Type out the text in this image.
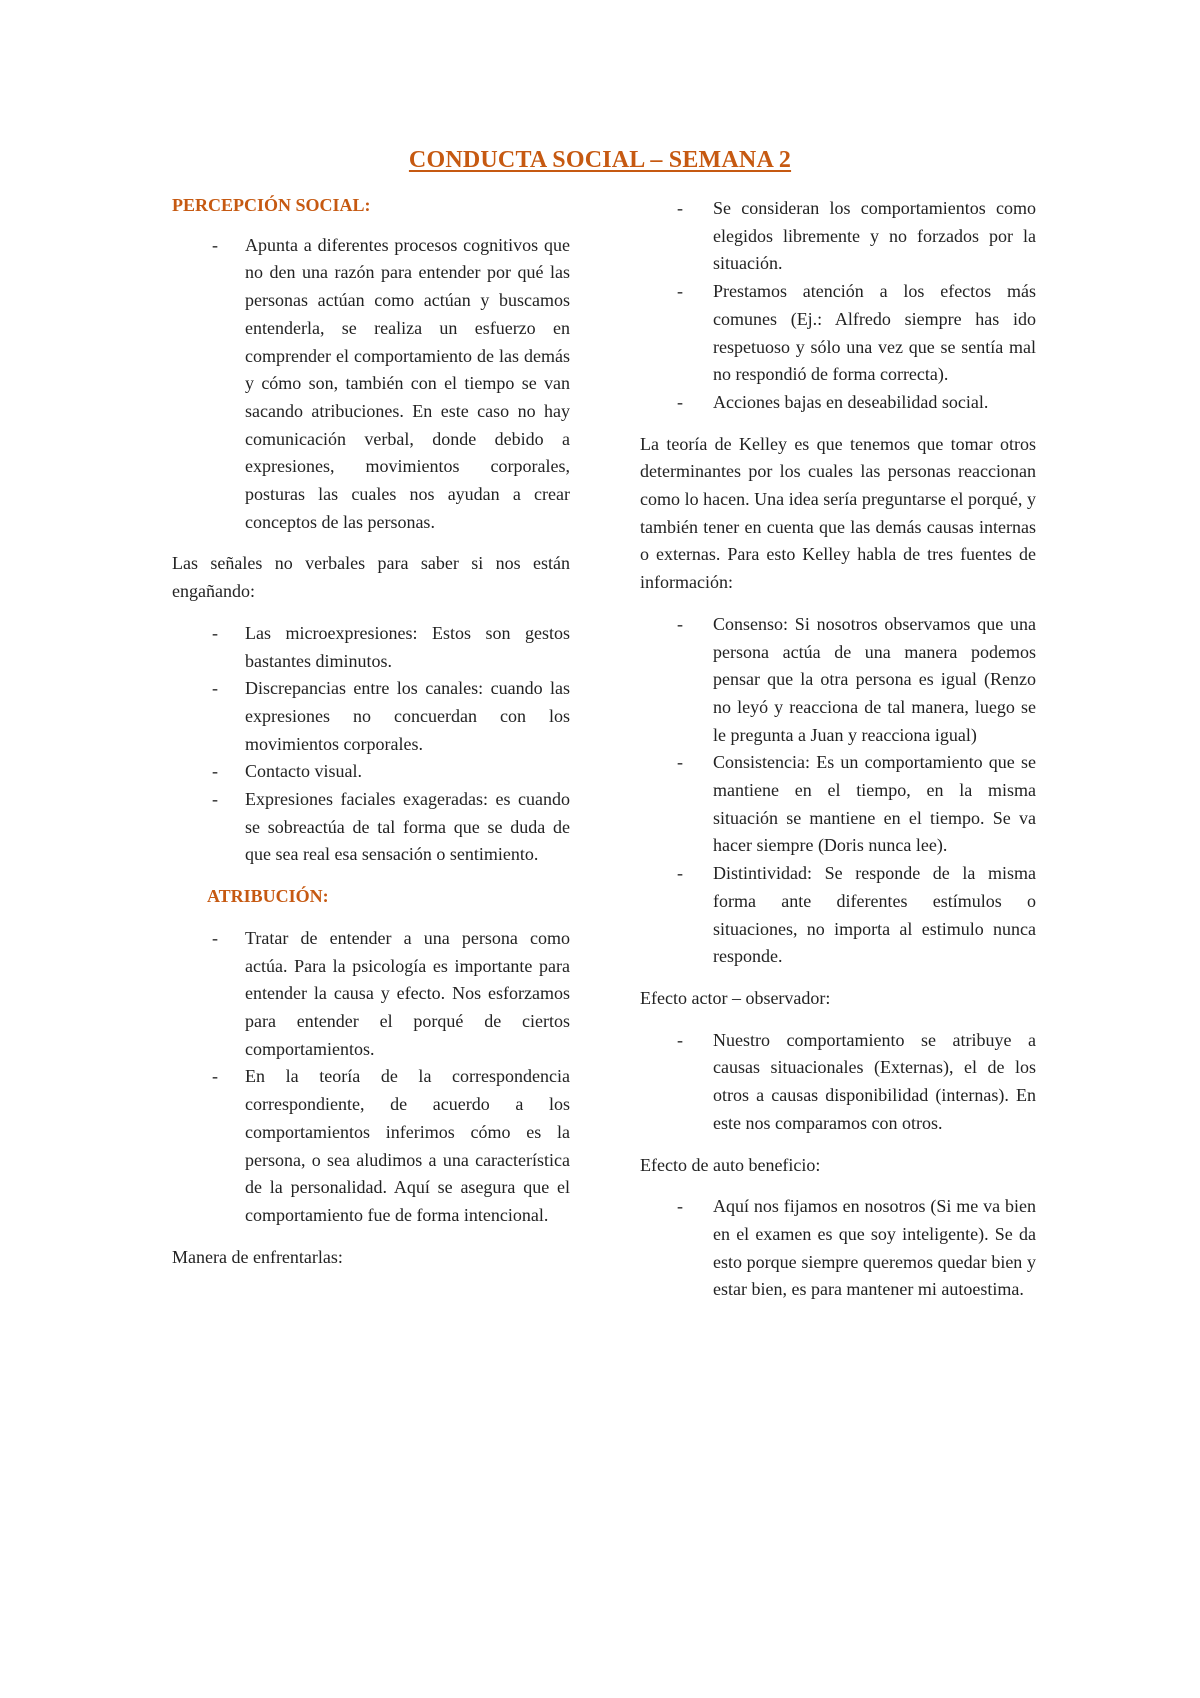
CONDUCTA SOCIAL – SEMANA 2

PERCEPCIÓN SOCIAL:

- Apunta a diferentes procesos cognitivos que no den una razón para entender por qué las personas actúan como actúan y buscamos entenderla, se realiza un esfuerzo en comprender el comportamiento de las demás y cómo son, también con el tiempo se van sacando atribuciones. En este caso no hay comunicación verbal, donde debido a expresiones, movimientos corporales, posturas las cuales nos ayudan a crear conceptos de las personas.

Las señales no verbales para saber si nos están engañando:

- Las microexpresiones: Estos son gestos bastantes diminutos.
- Discrepancias entre los canales: cuando las expresiones no concuerdan con los movimientos corporales.
- Contacto visual.
- Expresiones faciales exageradas: es cuando se sobreactúa de tal forma que se duda de que sea real esa sensación o sentimiento.

ATRIBUCIÓN:

- Tratar de entender a una persona como actúa. Para la psicología es importante para entender la causa y efecto. Nos esforzamos para entender el porqué de ciertos comportamientos.
- En la teoría de la correspondencia correspondiente, de acuerdo a los comportamientos inferimos cómo es la persona, o sea aludimos a una característica de la personalidad. Aquí se asegura que el comportamiento fue de forma intencional.

Manera de enfrentarlas:

- Se consideran los comportamientos como elegidos libremente y no forzados por la situación.
- Prestamos atención a los efectos más comunes (Ej.: Alfredo siempre has ido respetuoso y sólo una vez que se sentía mal no respondió de forma correcta).
- Acciones bajas en deseabilidad social.

La teoría de Kelley es que tenemos que tomar otros determinantes por los cuales las personas reaccionan como lo hacen. Una idea sería preguntarse el porqué, y también tener en cuenta que las demás causas internas o externas. Para esto Kelley habla de tres fuentes de información:

- Consenso: Si nosotros observamos que una persona actúa de una manera podemos pensar que la otra persona es igual (Renzo no leyó y reacciona de tal manera, luego se le pregunta a Juan y reacciona igual)
- Consistencia: Es un comportamiento que se mantiene en el tiempo, en la misma situación se mantiene en el tiempo. Se va hacer siempre (Doris nunca lee).
- Distintividad: Se responde de la misma forma ante diferentes estímulos o situaciones, no importa al estimulo nunca responde.

Efecto actor – observador:

- Nuestro comportamiento se atribuye a causas situacionales (Externas), el de los otros a causas disponibilidad (internas). En este nos comparamos con otros.

Efecto de auto beneficio:

- Aquí nos fijamos en nosotros (Si me va bien en el examen es que soy inteligente). Se da esto porque siempre queremos quedar bien y estar bien, es para mantener mi autoestima.
